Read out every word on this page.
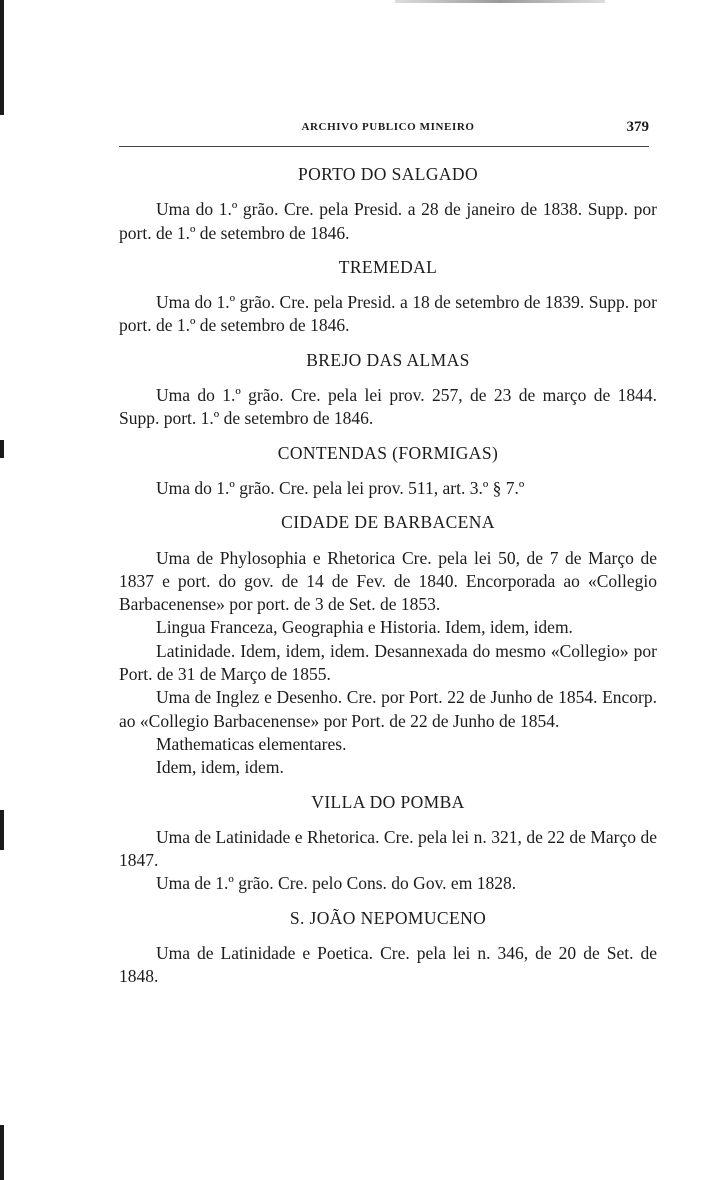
ARCHIVO PUBLICO MINEIRO	379
PORTO DO SALGADO

Uma do 1.º grão. Cre. pela Presid. a 28 de janeiro de 1838. Supp. por port. de 1.º de setembro de 1846.

TREMEDAL

Uma do 1.º grão. Cre. pela Presid. a 18 de setembro de 1839. Supp. por port. de 1.º de setembro de 1846.

BREJO DAS ALMAS

Uma do 1.º grão. Cre. pela lei prov. 257, de 23 de março de 1844. Supp. port. 1.º de setembro de 1846.

CONTENDAS (FORMIGAS)

Uma do 1.º grão. Cre. pela lei prov. 511, art. 3.º § 7.º

CIDADE DE BARBACENA

Uma de Phylosophia e Rhetorica Cre. pela lei 50, de 7 de Março de 1837 e port. do gov. de 14 de Fev. de 1840. Encorporada ao «Collegio Barbacenense» por port. de 3 de Set. de 1853.

Lingua Franceza, Geographia e Historia. Idem, idem, idem.

Latinidade. Idem, idem, idem. Desannexada do mesmo «Collegio» por Port. de 31 de Março de 1855.

Uma de Inglez e Desenho. Cre. por Port. 22 de Junho de 1854. Encorp. ao «Collegio Barbacenense» por Port. de 22 de Junho de 1854.

Mathematicas elementares.

Idem, idem, idem.

VILLA DO POMBA

Uma de Latinidade e Rhetorica. Cre. pela lei n. 321, de 22 de Março de 1847.

Uma de 1.º grão. Cre. pelo Cons. do Gov. em 1828.

S. JOÃO NEPOMUCENO

Uma de Latinidade e Poetica. Cre. pela lei n. 346, de 20 de Set. de 1848.
